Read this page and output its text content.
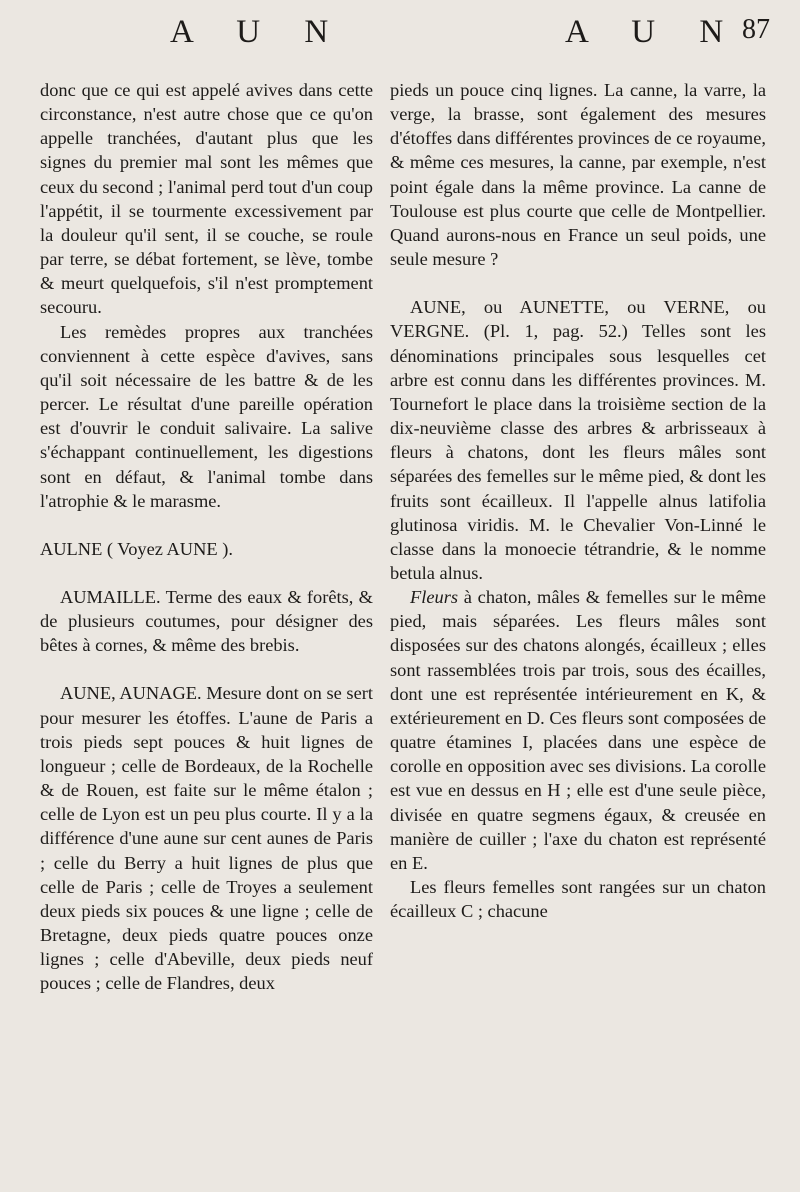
A U N	A U N 87

donc que ce qui est appelé avives dans cette circonstance, n'est autre chose que ce qu'on appelle tranchées, d'autant plus que les signes du premier mal sont les mêmes que ceux du second ; l'animal perd tout d'un coup l'appétit, il se tourmente excessivement par la douleur qu'il sent, il se couche, se roule par terre, se débat fortement, se lève, tombe & meurt quelquefois, s'il n'est promptement secouru.

Les remèdes propres aux tranchées conviennent à cette espèce d'avives, sans qu'il soit nécessaire de les battre & de les percer. Le résultat d'une pareille opération est d'ouvrir le conduit salivaire. La salive s'échappant continuellement, les digestions sont en défaut, & l'animal tombe dans l'atrophie & le marasme.

AULNE ( Voyez AUNE ).

AUMAILLE. Terme des eaux & forêts, & de plusieurs coutumes, pour désigner des bêtes à cornes, & même des brebis.

AUNE, AUNAGE. Mesure dont on se sert pour mesurer les étoffes. L'aune de Paris a trois pieds sept pouces & huit lignes de longueur ; celle de Bordeaux, de la Rochelle & de Rouen, est faite sur le même étalon ; celle de Lyon est un peu plus courte. Il y a la différence d'une aune sur cent aunes de Paris ; celle du Berry a huit lignes de plus que celle de Paris ; celle de Troyes a seulement deux pieds six pouces & une ligne ; celle de Bretagne, deux pieds quatre pouces onze lignes ; celle d'Abeville, deux pieds neuf pouces ; celle de Flandres, deux

pieds un pouce cinq lignes. La canne, la varre, la verge, la brasse, sont également des mesures d'étoffes dans différentes provinces de ce royaume, & même ces mesures, la canne, par exemple, n'est point égale dans la même province. La canne de Toulouse est plus courte que celle de Montpellier. Quand aurons-nous en France un seul poids, une seule mesure ?

AUNE, ou AUNETTE, ou VERNE, ou VERGNE. (Pl. 1, pag. 52.) Telles sont les dénominations principales sous lesquelles cet arbre est connu dans les différentes provinces. M. Tournefort le place dans la troisième section de la dix-neuvième classe des arbres & arbrisseaux à fleurs à chatons, dont les fleurs mâles sont séparées des femelles sur le même pied, & dont les fruits sont écailleux. Il l'appelle alnus latifolia glutinosa viridis. M. le Chevalier Von-Linné le classe dans la monoecie tétrandrie, & le nomme betula alnus.

Fleurs à chaton, mâles & femelles sur le même pied, mais séparées. Les fleurs mâles sont disposées sur des chatons alongés, écailleux ; elles sont rassemblées trois par trois, sous des écailles, dont une est représentée intérieurement en K, & extérieurement en D. Ces fleurs sont composées de quatre étamines I, placées dans une espèce de corolle en opposition avec ses divisions. La corolle est vue en dessus en H ; elle est d'une seule pièce, divisée en quatre segmens égaux, & creusée en manière de cuiller ; l'axe du chaton est représenté en E.

Les fleurs femelles sont rangées sur un chaton écailleux C ; chacune
